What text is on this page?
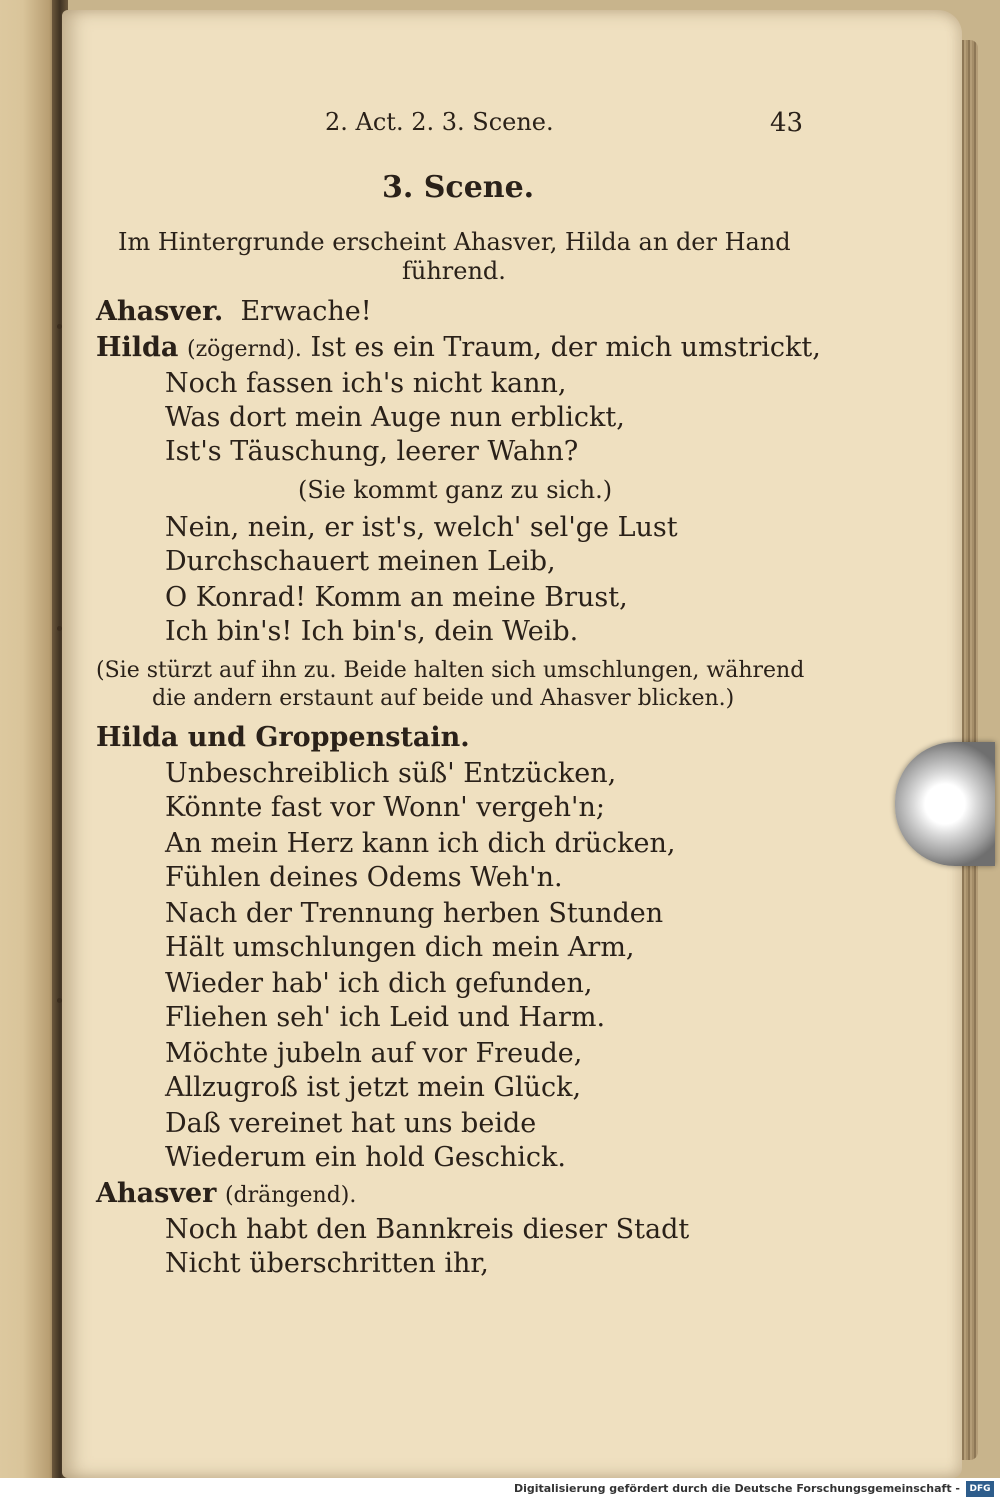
2. Act. 2. 3. Scene.	43

3. Scene.

Im Hintergrunde erscheint Ahasver, Hilda an der Hand

führend.

Ahasver. Erwache!

Hilda (zögernd). Ist es ein Traum, der mich umstrickt,

Noch fassen ich's nicht kann,

Was dort mein Auge nun erblickt,

Ist's Täuschung, leerer Wahn?

(Sie kommt ganz zu sich.)

Nein, nein, er ist's, welch' sel'ge Lust

Durchschauert meinen Leib,

O Konrad! Komm an meine Brust,

Ich bin's! Ich bin's, dein Weib.

(Sie stürzt auf ihn zu. Beide halten sich umschlungen, während

die andern erstaunt auf beide und Ahasver blicken.)

Hilda und Groppenstain.

Unbeschreiblich süß' Entzücken,

Könnte fast vor Wonn' vergeh'n;

An mein Herz kann ich dich drücken,

Fühlen deines Odems Weh'n.

Nach der Trennung herben Stunden

Hält umschlungen dich mein Arm,

Wieder hab' ich dich gefunden,

Fliehen seh' ich Leid und Harm.

Möchte jubeln auf vor Freude,

Allzugroß ist jetzt mein Glück,

Daß vereinet hat uns beide

Wiederum ein hold Geschick.

Ahasver (drängend).

Noch habt den Bannkreis dieser Stadt

Nicht überschritten ihr,

Digitalisierung gefördert durch die Deutsche Forschungsgemeinschaft -	DFG
